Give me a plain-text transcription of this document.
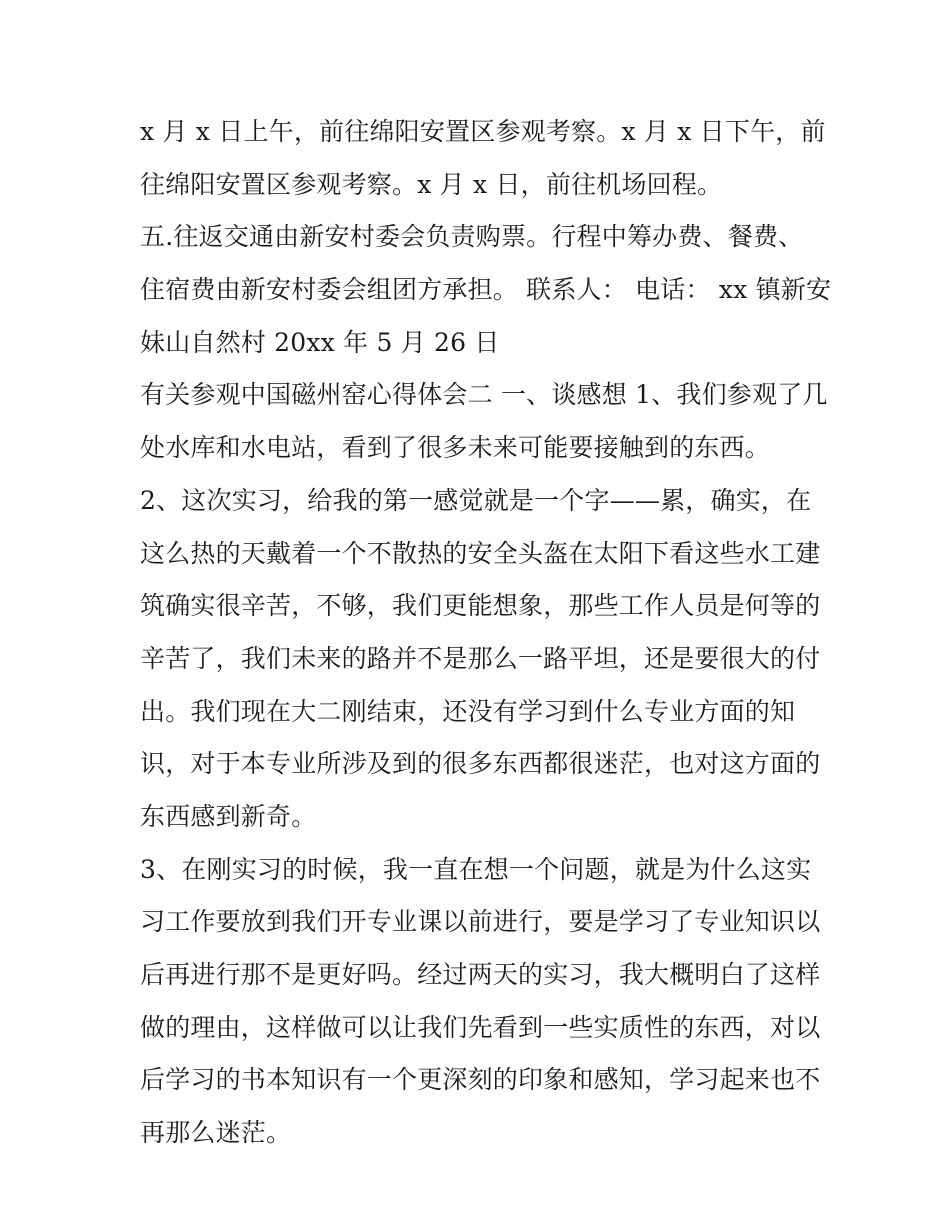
x 月 x 日上午，前往绵阳安置区参观考察。x 月 x 日下午，前
往绵阳安置区参观考察。x 月 x 日，前往机场回程。
五.往返交通由新安村委会负责购票。行程中筹办费、餐费、
住宿费由新安村委会组团方承担。 联系人： 电话： xx 镇新安
妹山自然村 20xx 年 5 月 26 日
有关参观中国磁州窑心得体会二 一、谈感想 1、我们参观了几
处水库和水电站，看到了很多未来可能要接触到的东西。
2、这次实习，给我的第一感觉就是一个字——累，确实，在
这么热的天戴着一个不散热的安全头盔在太阳下看这些水工建
筑确实很辛苦，不够，我们更能想象，那些工作人员是何等的
辛苦了，我们未来的路并不是那么一路平坦，还是要很大的付
出。我们现在大二刚结束，还没有学习到什么专业方面的知
识，对于本专业所涉及到的很多东西都很迷茫，也对这方面的
东西感到新奇。
3、在刚实习的时候，我一直在想一个问题，就是为什么这实
习工作要放到我们开专业课以前进行，要是学习了专业知识以
后再进行那不是更好吗。经过两天的实习，我大概明白了这样
做的理由，这样做可以让我们先看到一些实质性的东西，对以
后学习的书本知识有一个更深刻的印象和感知，学习起来也不
再那么迷茫。
